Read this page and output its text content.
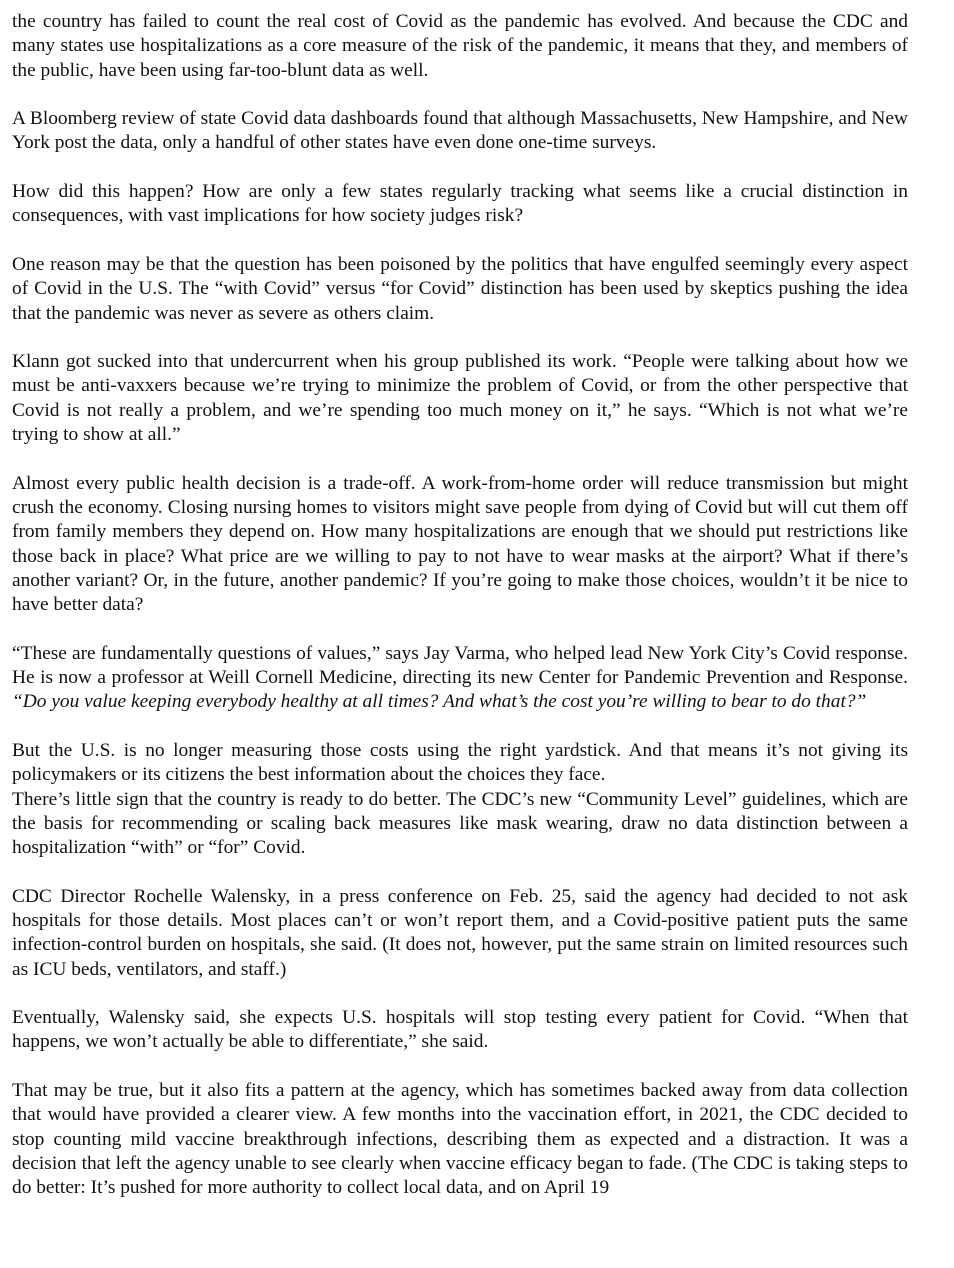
the country has failed to count the real cost of Covid as the pandemic has evolved. And because the CDC and many states use hospitalizations as a core measure of the risk of the pandemic, it means that they, and members of the public, have been using far-too-blunt data as well.

A Bloomberg review of state Covid data dashboards found that although Massachusetts, New Hampshire, and New York post the data, only a handful of other states have even done one-time surveys.

How did this happen? How are only a few states regularly tracking what seems like a crucial distinction in consequences, with vast implications for how society judges risk?

One reason may be that the question has been poisoned by the politics that have engulfed seemingly every aspect of Covid in the U.S. The “with Covid” versus “for Covid” distinction has been used by skeptics pushing the idea that the pandemic was never as severe as others claim.

Klann got sucked into that undercurrent when his group published its work. “People were talking about how we must be anti-vaxxers because we’re trying to minimize the problem of Covid, or from the other perspective that Covid is not really a problem, and we’re spending too much money on it,” he says. “Which is not what we’re trying to show at all.”

Almost every public health decision is a trade-off. A work-from-home order will reduce transmission but might crush the economy. Closing nursing homes to visitors might save people from dying of Covid but will cut them off from family members they depend on. How many hospitalizations are enough that we should put restrictions like those back in place? What price are we willing to pay to not have to wear masks at the airport? What if there’s another variant? Or, in the future, another pandemic? If you’re going to make those choices, wouldn’t it be nice to have better data?

“These are fundamentally questions of values,” says Jay Varma, who helped lead New York City’s Covid response. He is now a professor at Weill Cornell Medicine, directing its new Center for Pandemic Prevention and Response. “Do you value keeping everybody healthy at all times? And what’s the cost you’re willing to bear to do that?”

But the U.S. is no longer measuring those costs using the right yardstick. And that means it’s not giving its policymakers or its citizens the best information about the choices they face.

There’s little sign that the country is ready to do better. The CDC’s new “Community Level” guidelines, which are the basis for recommending or scaling back measures like mask wearing, draw no data distinction between a hospitalization “with” or “for” Covid.

CDC Director Rochelle Walensky, in a press conference on Feb. 25, said the agency had decided to not ask hospitals for those details. Most places can’t or won’t report them, and a Covid-positive patient puts the same infection-control burden on hospitals, she said. (It does not, however, put the same strain on limited resources such as ICU beds, ventilators, and staff.)

Eventually, Walensky said, she expects U.S. hospitals will stop testing every patient for Covid. “When that happens, we won’t actually be able to differentiate,” she said.

That may be true, but it also fits a pattern at the agency, which has sometimes backed away from data collection that would have provided a clearer view. A few months into the vaccination effort, in 2021, the CDC decided to stop counting mild vaccine breakthrough infections, describing them as expected and a distraction. It was a decision that left the agency unable to see clearly when vaccine efficacy began to fade. (The CDC is taking steps to do better: It’s pushed for more authority to collect local data, and on April 19
